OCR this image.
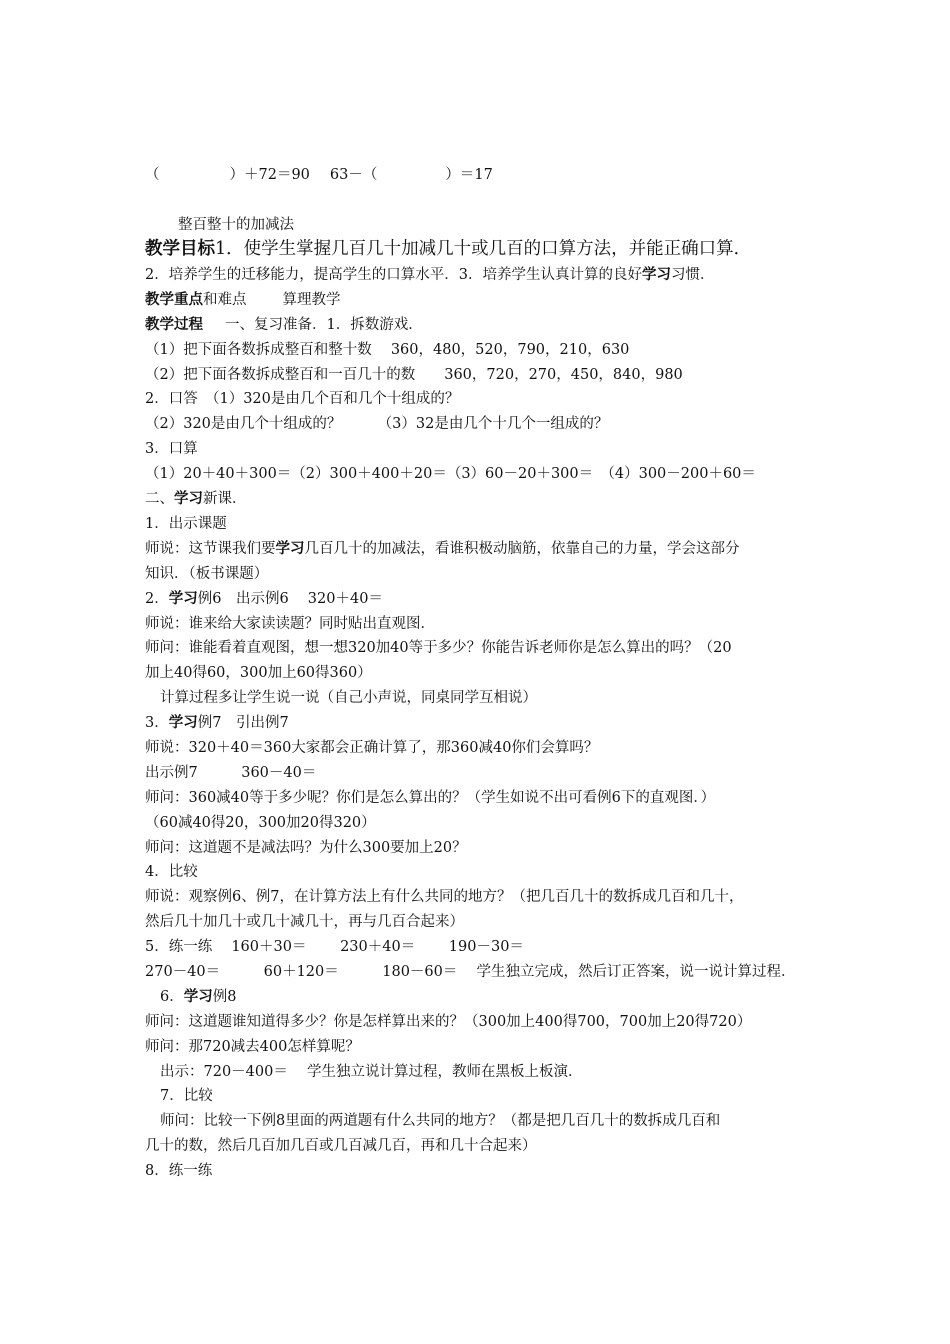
（	）＋72＝90 63－（	）＝17
整百整十的加减法
教学目标1．使学生掌握几百几十加减几十或几百的口算方法，并能正确口算．
2．培养学生的迁移能力，提高学生的口算水平．3．培养学生认真计算的良好学习习惯．
教学重点和难点 算理教学
教学过程 一、复习准备．1．拆数游戏．
（1）把下面各数拆成整百和整十数　 360，480，520，790，210，630
（2）把下面各数拆成整百和一百几十的数　　360，720，270，450，840，980
2．口答　（1）320是由几个百和几个十组成的？
（2）320是由几个十组成的？　　　（3）32是由几个十几个一组成的？
3．口算
（1）20＋40＋300＝（2）300＋400＋20＝（3）60－20＋300＝　（4）300－200＋60＝
二、学习新课．
1．出示课题
师说：这节课我们要学习几百几十的加减法，看谁积极动脑筋，依靠自己的力量，学会这部分
知识．（板书课题）
2．学习例6　出示例6　 320＋40＝
师说：谁来给大家读读题？同时贴出直观图．
师问：谁能看着直观图，想一想320加40等于多少？你能告诉老师你是怎么算出的吗？（20
加上40得60，300加上60得360）
计算过程多让学生说一说（自己小声说，同桌同学互相说）
3．学习例7　引出例7
师说：320＋40＝360大家都会正确计算了，那360减40你们会算吗？
出示例7　　　360－40＝
师问：360减40等于多少呢？你们是怎么算出的？（学生如说不出可看例6下的直观图．）
（60减40得20，300加20得320）
师问：这道题不是减法吗？为什么300要加上20？
4．比较
师说：观察例6、例7，在计算方法上有什么共同的地方？（把几百几十的数拆成几百和几十，
然后几十加几十或几十减几十，再与几百合起来）
5．练一练　 160＋30＝　　 230＋40＝　　 190－30＝
270－40＝　　　60＋120＝　　　180－60＝　 学生独立完成，然后订正答案，说一说计算过程．
6．学习例8
师问：这道题谁知道得多少？你是怎样算出来的？（300加上400得700，700加上20得720）
师问：那720减去400怎样算呢？
出示：720－400＝　 学生独立说计算过程，教师在黑板上板演．
7．比较
师问：比较一下例8里面的两道题有什么共同的地方？（都是把几百几十的数拆成几百和
几十的数，然后几百加几百或几百减几百，再和几十合起来）
8．练一练
